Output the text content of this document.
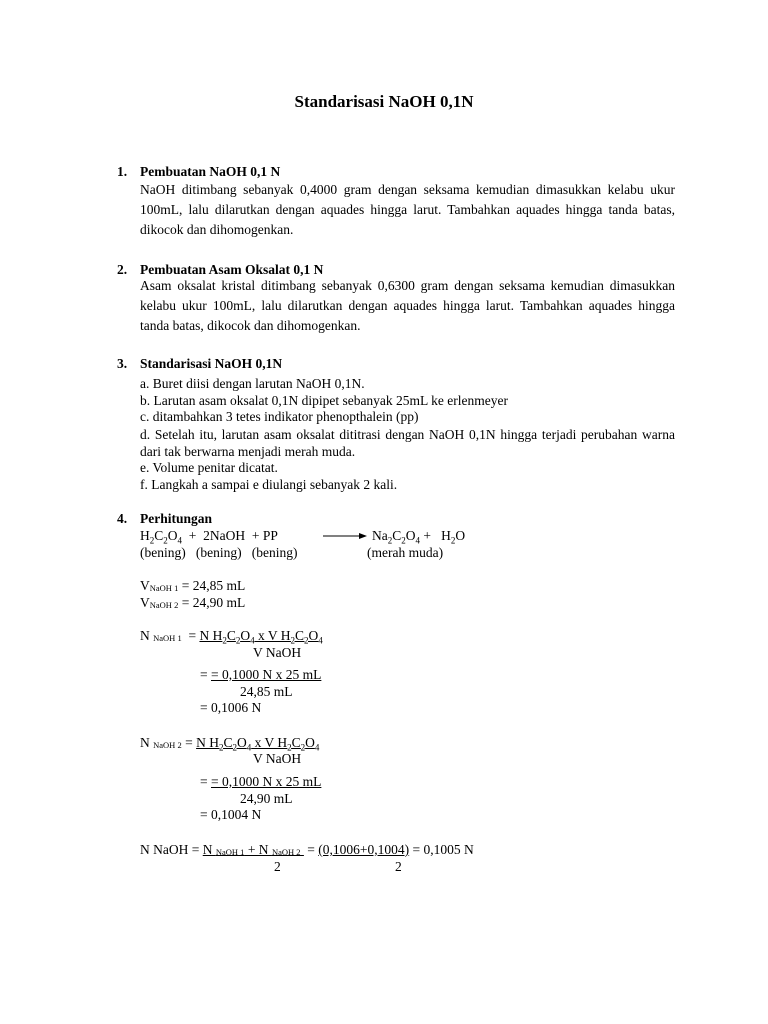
Standarisasi NaOH 0,1N
1. Pembuatan NaOH 0,1 N
NaOH ditimbang sebanyak 0,4000 gram dengan seksama kemudian dimasukkan kelabu ukur 100mL, lalu dilarutkan dengan aquades hingga larut. Tambahkan aquades hingga tanda batas, dikocok dan dihomogenkan.
2. Pembuatan Asam Oksalat 0,1 N
Asam oksalat kristal ditimbang sebanyak 0,6300 gram dengan seksama kemudian dimasukkan kelabu ukur 100mL, lalu dilarutkan dengan aquades hingga larut. Tambahkan aquades hingga tanda batas, dikocok dan dihomogenkan.
3. Standarisasi NaOH 0,1N
a. Buret diisi dengan larutan NaOH 0,1N.
b. Larutan asam oksalat 0,1N dipipet sebanyak 25mL ke erlenmeyer
c. ditambahkan 3 tetes indikator phenopthalein (pp)
d. Setelah itu, larutan asam oksalat dititrasi dengan NaOH 0,1N hingga terjadi perubahan warna dari tak berwarna menjadi merah muda.
e. Volume penitar dicatat.
f. Langkah a sampai e diulangi sebanyak 2 kali.
4. Perhitungan
$H_2C_2O_4$  +  2NaOH  + PP	→ $Na_2C_2O_4 + H_2O$
(bening)   (bening)   (bening)	(merah muda)
$V_{NaOH 1} = 24,85$ mL
$V_{NaOH 2} = 24,90$ mL
N $_{NaOH 1}$  = N $H_2C_2O_4$ x V $H_2C_2O_4$
V NaOH
= = 0,1000 N x 25 mL
24,85 mL
= 0,1006 N
N $_{NaOH 2}$ = N $H_2C_2O_4$ x V $H_2C_2O_4$
V NaOH
= = 0,1000 N x 25 mL
24,90 mL
= 0,1004 N
N NaOH = N $_{NaOH 1}$ + N $_{NaOH 2}$  = (0,1006+0,1004) = 0,1005 N
2	2
